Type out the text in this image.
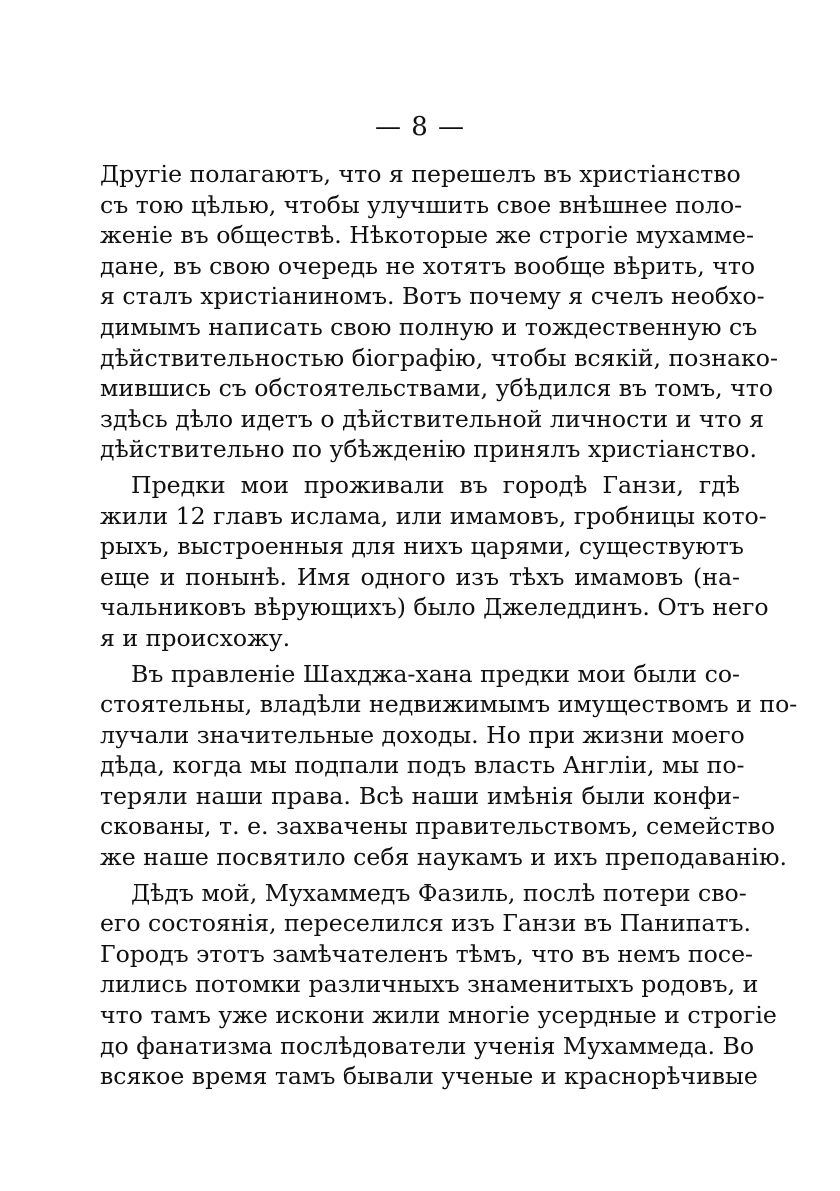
— 8 —
Другіе полагаютъ, что я перешелъ въ христіанство
съ тою цѣлью, чтобы улучшить свое внѣшнее поло-
женіе въ обществѣ. Нѣкоторые же строгіе мухамме-
дане, въ свою очередь не хотятъ вообще вѣрить, что
я сталъ христіаниномъ. Вотъ почему я счелъ необхо-
димымъ написать свою полную и тождественную съ
дѣйствительностью біографію, чтобы всякій, познако-
мившись съ обстоятельствами, убѣдился въ томъ, что
здѣсь дѣло идетъ о дѣйствительной личности и что я
дѣйствительно по убѣжденію принялъ христіанство.
Предки мои проживали въ городѣ Ганзи, гдѣ
жили 12 главъ ислама, или имамовъ, гробницы кото-
рыхъ, выстроенныя для нихъ царями, существуютъ
еще и понынѣ. Имя одного изъ тѣхъ имамовъ (на-
чальниковъ вѣрующихъ) было Джеледдинъ. Отъ него
я и происхожу.
Въ правленіе Шахджа-хана предки мои были со-
стоятельны, владѣли недвижимымъ имуществомъ и по-
лучали значительные доходы. Но при жизни моего
дѣда, когда мы подпали подъ власть Англіи, мы по-
теряли наши права. Всѣ наши имѣнія были конфи-
скованы, т. е. захвачены правительствомъ, семейство
же наше посвятило себя наукамъ и ихъ преподаванію.
Дѣдъ мой, Мухаммедъ Фазиль, послѣ потери сво-
его состоянія, переселился изъ Ганзи въ Панипатъ.
Городъ этотъ замѣчателенъ тѣмъ, что въ немъ посе-
лились потомки различныхъ знаменитыхъ родовъ, и
что тамъ уже искони жили многіе усердные и строгіе
до фанатизма послѣдователи ученія Мухаммеда. Во
всякое время тамъ бывали ученые и краснорѣчивые
